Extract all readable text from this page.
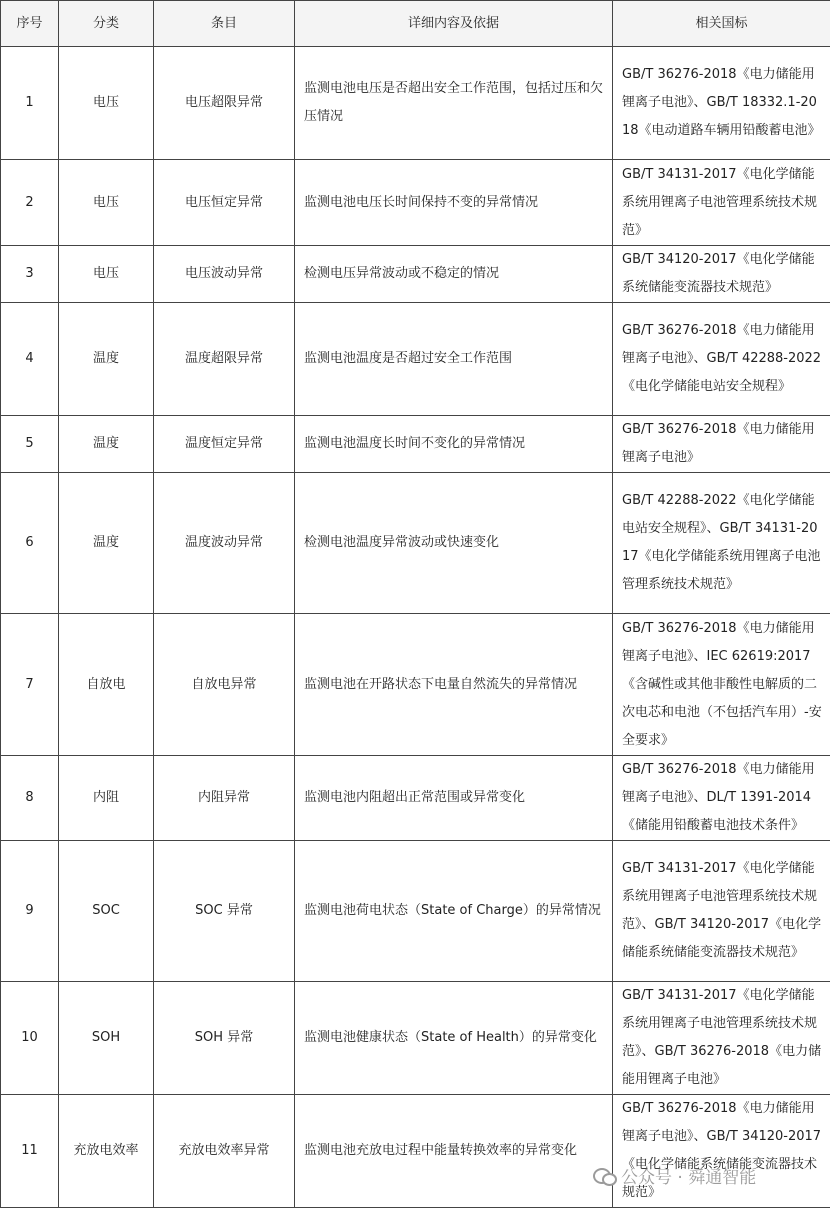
序号	分类	条目	详细内容及依据	相关国标
1	电压	电压超限异常	监测电池电压是否超出安全工作范围，包括过压和欠压情况	GB/T 36276-2018《电力储能用锂离子电池》、GB/T 18332.1-2018《电动道路车辆用铅酸蓄电池》
2	电压	电压恒定异常	监测电池电压长时间保持不变的异常情况	GB/T 34131-2017《电化学储能系统用锂离子电池管理系统技术规范》
3	电压	电压波动异常	检测电压异常波动或不稳定的情况	GB/T 34120-2017《电化学储能系统储能变流器技术规范》
4	温度	温度超限异常	监测电池温度是否超过安全工作范围	GB/T 36276-2018《电力储能用锂离子电池》、GB/T 42288-2022《电化学储能电站安全规程》
5	温度	温度恒定异常	监测电池温度长时间不变化的异常情况	GB/T 36276-2018《电力储能用锂离子电池》
6	温度	温度波动异常	检测电池温度异常波动或快速变化	GB/T 42288-2022《电化学储能电站安全规程》、GB/T 34131-2017《电化学储能系统用锂离子电池管理系统技术规范》
7	自放电	自放电异常	监测电池在开路状态下电量自然流失的异常情况	GB/T 36276-2018《电力储能用锂离子电池》、IEC 62619:2017《含碱性或其他非酸性电解质的二次电芯和电池（不包括汽车用）-安全要求》
8	内阻	内阻异常	监测电池内阻超出正常范围或异常变化	GB/T 36276-2018《电力储能用锂离子电池》、DL/T 1391-2014《储能用铅酸蓄电池技术条件》
9	SOC	SOC 异常	监测电池荷电状态（State of Charge）的异常情况	GB/T 34131-2017《电化学储能系统用锂离子电池管理系统技术规范》、GB/T 34120-2017《电化学储能系统储能变流器技术规范》
10	SOH	SOH 异常	监测电池健康状态（State of Health）的异常变化	GB/T 34131-2017《电化学储能系统用锂离子电池管理系统技术规范》、GB/T 36276-2018《电力储能用锂离子电池》
11	充放电效率	充放电效率异常	监测电池充放电过程中能量转换效率的异常变化	GB/T 36276-2018《电力储能用锂离子电池》、GB/T 34120-2017《电化学储能系统储能变流器技术规范》
公众号 · 舜通智能
